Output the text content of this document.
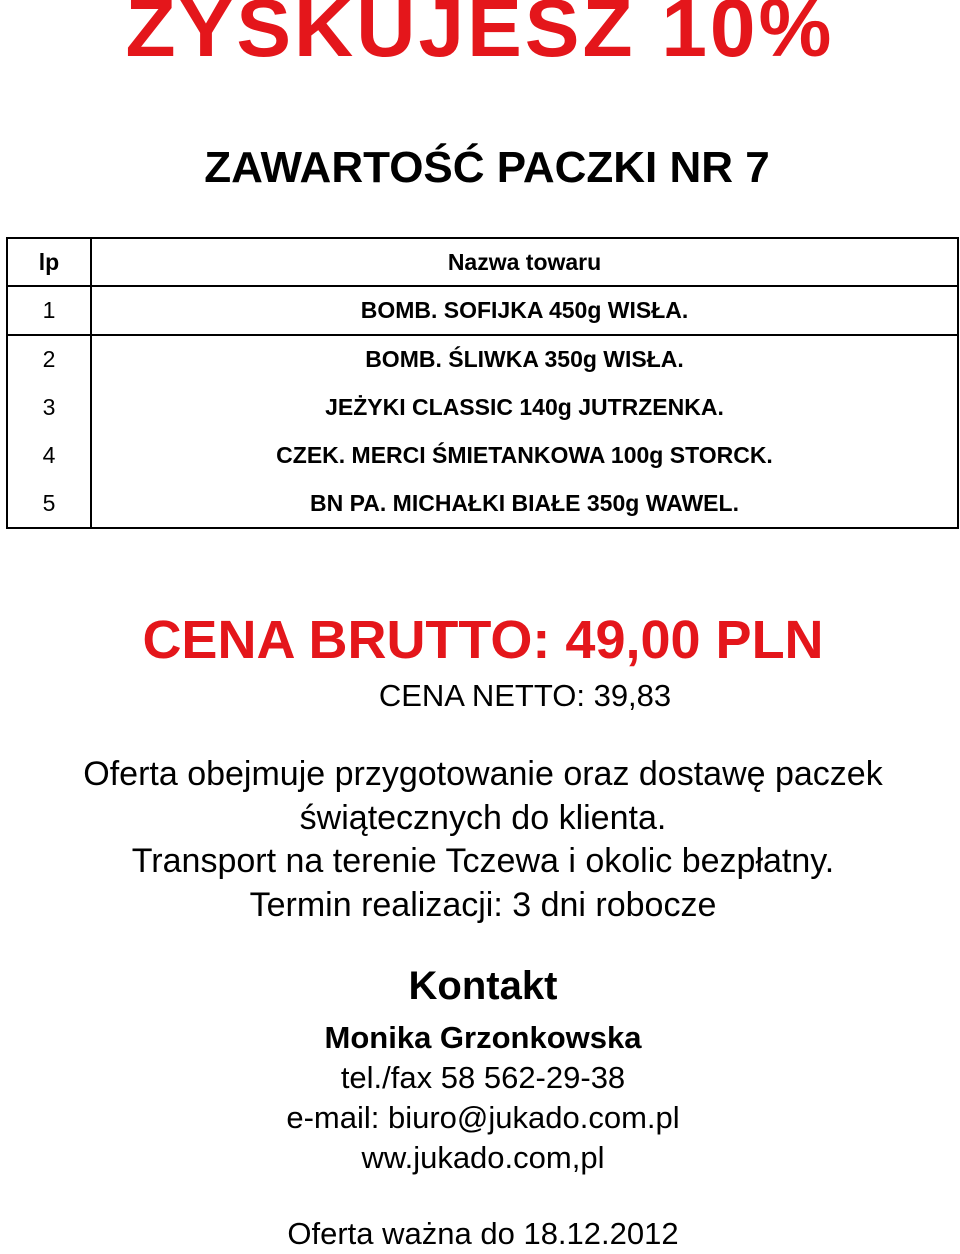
ZYSKUJESZ 10%
ZAWARTOŚĆ PACZKI NR 7
lp	Nazwa towaru
1	BOMB. SOFIJKA 450g WISŁA.
2	BOMB. ŚLIWKA 350g WISŁA.
3	JEŻYKI CLASSIC 140g JUTRZENKA.
4	CZEK. MERCI ŚMIETANKOWA 100g STORCK.
5	BN PA. MICHAŁKI BIAŁE 350g WAWEL.
CENA BRUTTO: 49,00 PLN
CENA NETTO: 39,83
Oferta obejmuje przygotowanie oraz dostawę paczek
świątecznych do klienta.
Transport na terenie Tczewa i okolic bezpłatny.
Termin realizacji: 3 dni robocze
Kontakt
Monika Grzonkowska
tel./fax 58 562-29-38
e-mail: biuro@jukado.com.pl
ww.jukado.com,pl
Oferta ważna do 18.12.2012
